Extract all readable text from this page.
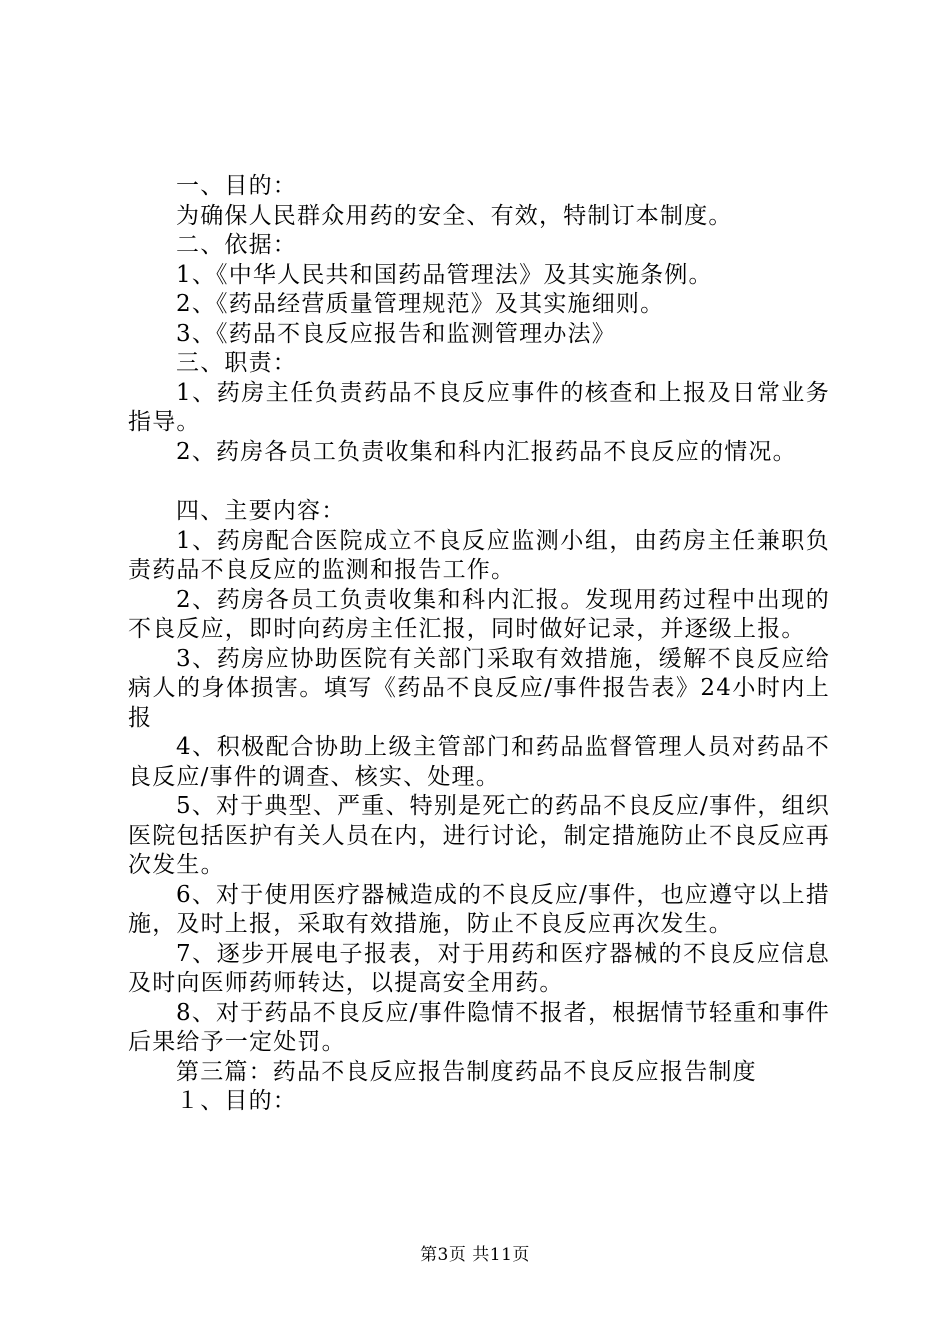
一、目的：

为确保人民群众用药的安全、有效，特制订本制度。

二、依据：

1、《中华人民共和国药品管理法》及其实施条例。

2、《药品经营质量管理规范》及其实施细则。

3、《药品不良反应报告和监测管理办法》

三、职责：

1、药房主任负责药品不良反应事件的核查和上报及日常业务指导。

2、药房各员工负责收集和科内汇报药品不良反应的情况。

四、主要内容：

1、药房配合医院成立不良反应监测小组，由药房主任兼职负责药品不良反应的监测和报告工作。

2、药房各员工负责收集和科内汇报。发现用药过程中出现的不良反应，即时向药房主任汇报，同时做好记录，并逐级上报。

3、药房应协助医院有关部门采取有效措施，缓解不良反应给病人的身体损害。填写《药品不良反应/事件报告表》24小时内上报

4、积极配合协助上级主管部门和药品监督管理人员对药品不良反应/事件的调查、核实、处理。

5、对于典型、严重、特别是死亡的药品不良反应/事件，组织医院包括医护有关人员在内，进行讨论，制定措施防止不良反应再次发生。

6、对于使用医疗器械造成的不良反应/事件，也应遵守以上措施，及时上报，采取有效措施，防止不良反应再次发生。

7、逐步开展电子报表，对于用药和医疗器械的不良反应信息及时向医师药师转达，以提高安全用药。

8、对于药品不良反应/事件隐情不报者，根据情节轻重和事件后果给予一定处罚。

第三篇：药品不良反应报告制度药品不良反应报告制度

１、目的：

第3页 共11页
